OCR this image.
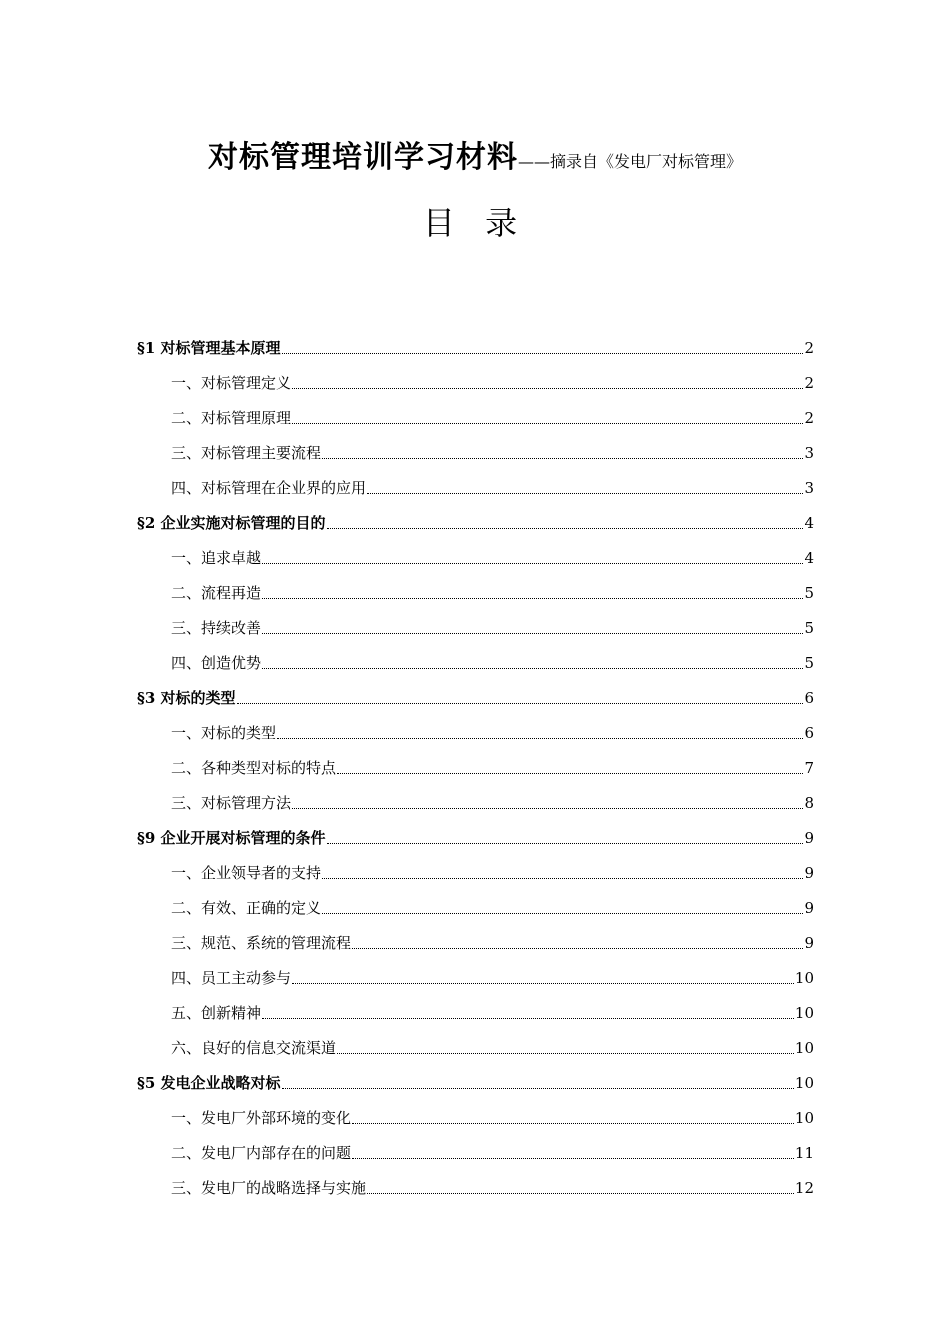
对标管理培训学习材料——摘录自《发电厂对标管理》
目 录
§1 对标管理基本原理	2
一、对标管理定义	2
二、对标管理原理	2
三、对标管理主要流程	3
四、对标管理在企业界的应用	3
§2 企业实施对标管理的目的	4
一、追求卓越	4
二、流程再造	5
三、持续改善	5
四、创造优势	5
§3 对标的类型	6
一、对标的类型	6
二、各种类型对标的特点	7
三、对标管理方法	8
§9 企业开展对标管理的条件	9
一、企业领导者的支持	9
二、有效、正确的定义	9
三、规范、系统的管理流程	9
四、员工主动参与	10
五、创新精神	10
六、良好的信息交流渠道	10
§5 发电企业战略对标	10
一、发电厂外部环境的变化	10
二、发电厂内部存在的问题	11
三、发电厂的战略选择与实施	12
